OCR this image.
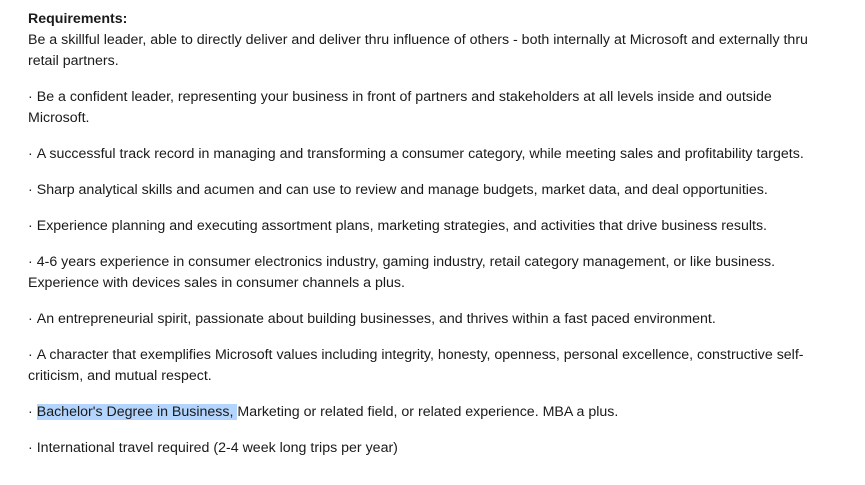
Requirements:

Be a skillful leader, able to directly deliver and deliver thru influence of others - both internally at Microsoft and externally thru retail partners.

· Be a confident leader, representing your business in front of partners and stakeholders at all levels inside and outside Microsoft.

· A successful track record in managing and transforming a consumer category, while meeting sales and profitability targets.

· Sharp analytical skills and acumen and can use to review and manage budgets, market data, and deal opportunities.

· Experience planning and executing assortment plans, marketing strategies, and activities that drive business results.

· 4-6 years experience in consumer electronics industry, gaming industry, retail category management, or like business. Experience with devices sales in consumer channels a plus.

· An entrepreneurial spirit, passionate about building businesses, and thrives within a fast paced environment.

· A character that exemplifies Microsoft values including integrity, honesty, openness, personal excellence, constructive self-criticism, and mutual respect.

· Bachelor's Degree in Business, Marketing or related field, or related experience. MBA a plus.

· International travel required (2-4 week long trips per year)
